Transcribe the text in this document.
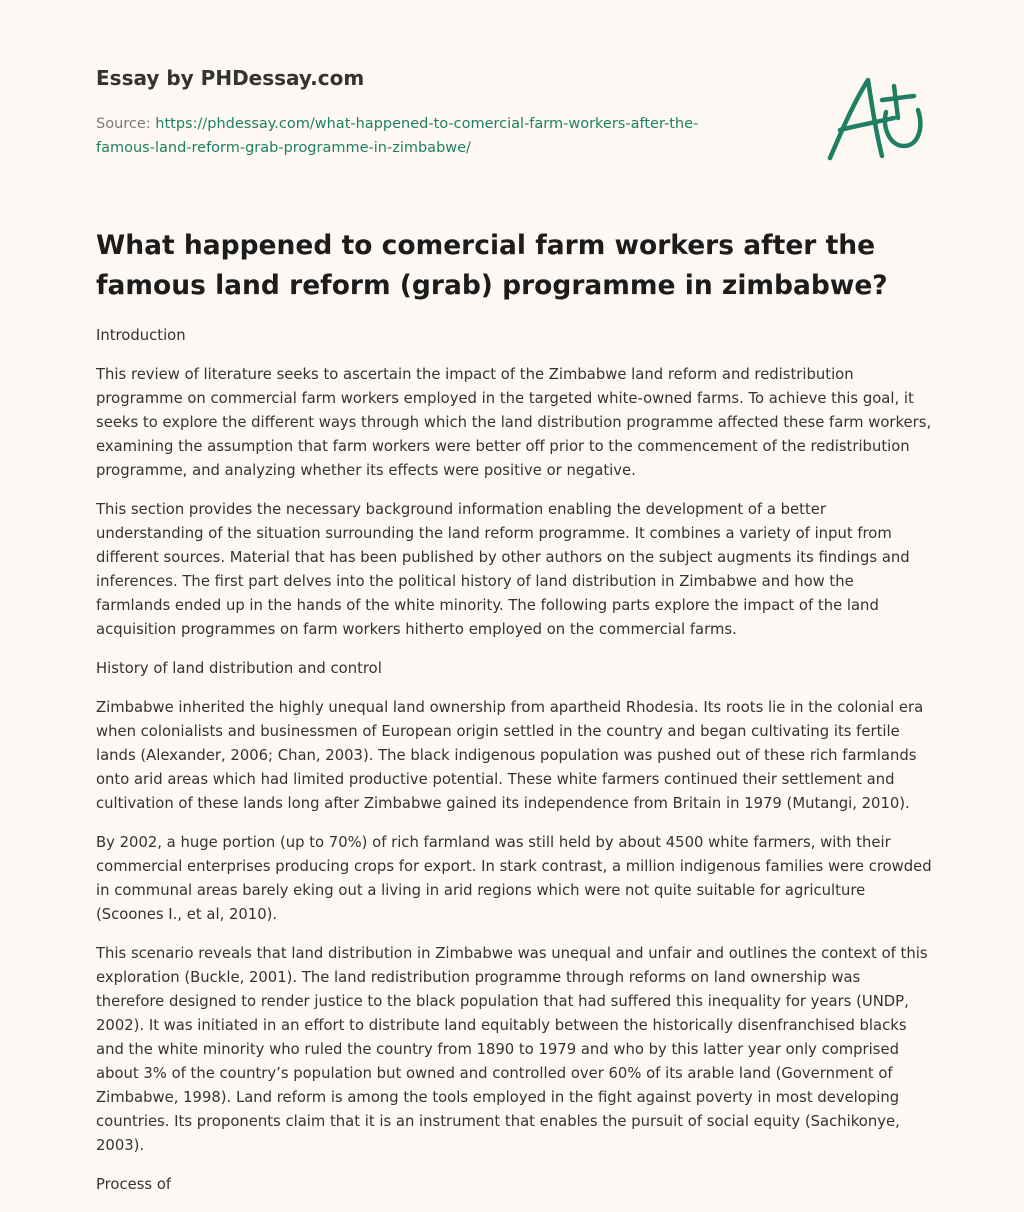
Essay by PHDessay.com
Source: https://phdessay.com/what-happened-to-comercial-farm-workers-after-the-famous-land-reform-grab-programme-in-zimbabwe/
What happened to comercial farm workers after the famous land reform (grab) programme in zimbabwe?

Introduction

This review of literature seeks to ascertain the impact of the Zimbabwe land reform and redistribution programme on commercial farm workers employed in the targeted white-owned farms. To achieve this goal, it seeks to explore the different ways through which the land distribution programme affected these farm workers, examining the assumption that farm workers were better off prior to the commencement of the redistribution programme, and analyzing whether its effects were positive or negative.

This section provides the necessary background information enabling the development of a better understanding of the situation surrounding the land reform programme. It combines a variety of input from different sources. Material that has been published by other authors on the subject augments its findings and inferences. The first part delves into the political history of land distribution in Zimbabwe and how the farmlands ended up in the hands of the white minority. The following parts explore the impact of the land acquisition programmes on farm workers hitherto employed on the commercial farms.

History of land distribution and control

Zimbabwe inherited the highly unequal land ownership from apartheid Rhodesia. Its roots lie in the colonial era when colonialists and businessmen of European origin settled in the country and began cultivating its fertile lands (Alexander, 2006; Chan, 2003). The black indigenous population was pushed out of these rich farmlands onto arid areas which had limited productive potential. These white farmers continued their settlement and cultivation of these lands long after Zimbabwe gained its independence from Britain in 1979 (Mutangi, 2010).

By 2002, a huge portion (up to 70%) of rich farmland was still held by about 4500 white farmers, with their commercial enterprises producing crops for export. In stark contrast, a million indigenous families were crowded in communal areas barely eking out a living in arid regions which were not quite suitable for agriculture (Scoones I., et al, 2010).

This scenario reveals that land distribution in Zimbabwe was unequal and unfair and outlines the context of this exploration (Buckle, 2001). The land redistribution programme through reforms on land ownership was therefore designed to render justice to the black population that had suffered this inequality for years (UNDP, 2002). It was initiated in an effort to distribute land equitably between the historically disenfranchised blacks and the white minority who ruled the country from 1890 to 1979 and who by this latter year only comprised about 3% of the country’s population but owned and controlled over 60% of its arable land (Government of Zimbabwe, 1998). Land reform is among the tools employed in the fight against poverty in most developing countries. Its proponents claim that it is an instrument that enables the pursuit of social equity (Sachikonye, 2003).

Process of
